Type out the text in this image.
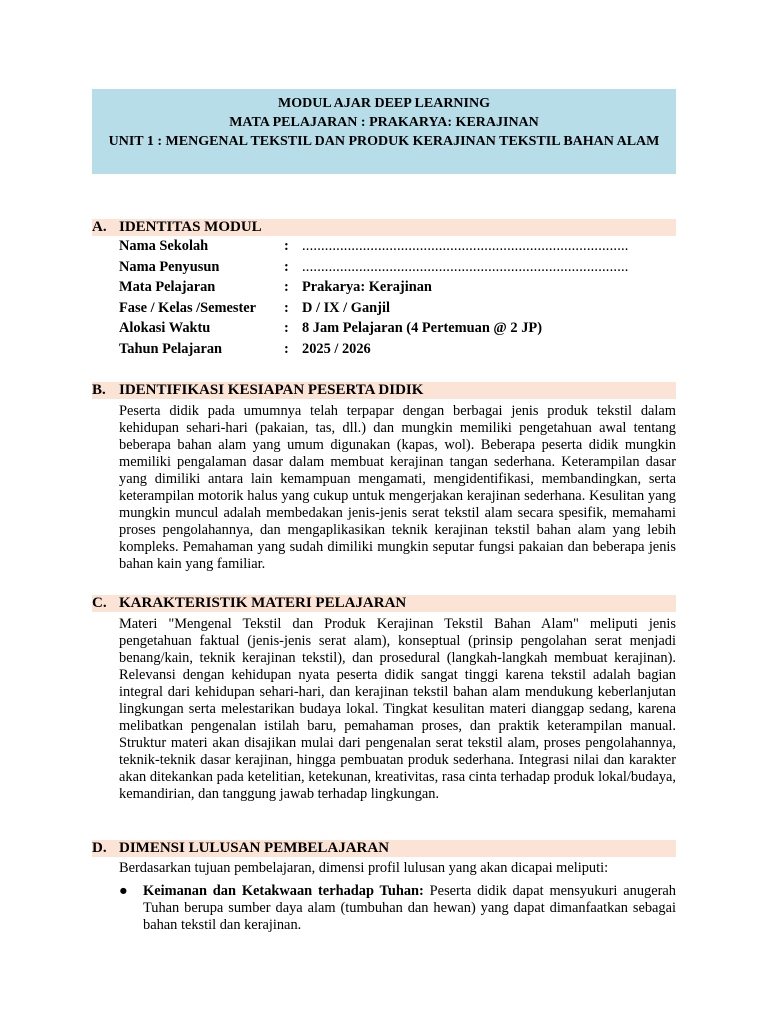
MODUL AJAR DEEP LEARNING
MATA PELAJARAN : PRAKARYA: KERAJINAN
UNIT 1 : MENGENAL TEKSTIL DAN PRODUK KERAJINAN TEKSTIL BAHAN ALAM
A. IDENTITAS MODUL
Nama Sekolah	: ......................................................................................
Nama Penyusun	: ......................................................................................
Mata Pelajaran	: Prakarya: Kerajinan
Fase / Kelas /Semester : D / IX / Ganjil
Alokasi Waktu	: 8 Jam Pelajaran (4 Pertemuan @ 2 JP)
Tahun Pelajaran	: 2025 / 2026
B. IDENTIFIKASI KESIAPAN PESERTA DIDIK
Peserta didik pada umumnya telah terpapar dengan berbagai jenis produk tekstil dalam kehidupan sehari-hari (pakaian, tas, dll.) dan mungkin memiliki pengetahuan awal tentang beberapa bahan alam yang umum digunakan (kapas, wol). Beberapa peserta didik mungkin memiliki pengalaman dasar dalam membuat kerajinan tangan sederhana. Keterampilan dasar yang dimiliki antara lain kemampuan mengamati, mengidentifikasi, membandingkan, serta keterampilan motorik halus yang cukup untuk mengerjakan kerajinan sederhana. Kesulitan yang mungkin muncul adalah membedakan jenis-jenis serat tekstil alam secara spesifik, memahami proses pengolahannya, dan mengaplikasikan teknik kerajinan tekstil bahan alam yang lebih kompleks. Pemahaman yang sudah dimiliki mungkin seputar fungsi pakaian dan beberapa jenis bahan kain yang familiar.
C. KARAKTERISTIK MATERI PELAJARAN
Materi "Mengenal Tekstil dan Produk Kerajinan Tekstil Bahan Alam" meliputi jenis pengetahuan faktual (jenis-jenis serat alam), konseptual (prinsip pengolahan serat menjadi benang/kain, teknik kerajinan tekstil), dan prosedural (langkah-langkah membuat kerajinan). Relevansi dengan kehidupan nyata peserta didik sangat tinggi karena tekstil adalah bagian integral dari kehidupan sehari-hari, dan kerajinan tekstil bahan alam mendukung keberlanjutan lingkungan serta melestarikan budaya lokal. Tingkat kesulitan materi dianggap sedang, karena melibatkan pengenalan istilah baru, pemahaman proses, dan praktik keterampilan manual. Struktur materi akan disajikan mulai dari pengenalan serat tekstil alam, proses pengolahannya, teknik-teknik dasar kerajinan, hingga pembuatan produk sederhana. Integrasi nilai dan karakter akan ditekankan pada ketelitian, ketekunan, kreativitas, rasa cinta terhadap produk lokal/budaya, kemandirian, dan tanggung jawab terhadap lingkungan.
D. DIMENSI LULUSAN PEMBELAJARAN
Berdasarkan tujuan pembelajaran, dimensi profil lulusan yang akan dicapai meliputi:
● Keimanan dan Ketakwaan terhadap Tuhan: Peserta didik dapat mensyukuri anugerah Tuhan berupa sumber daya alam (tumbuhan dan hewan) yang dapat dimanfaatkan sebagai bahan tekstil dan kerajinan.
